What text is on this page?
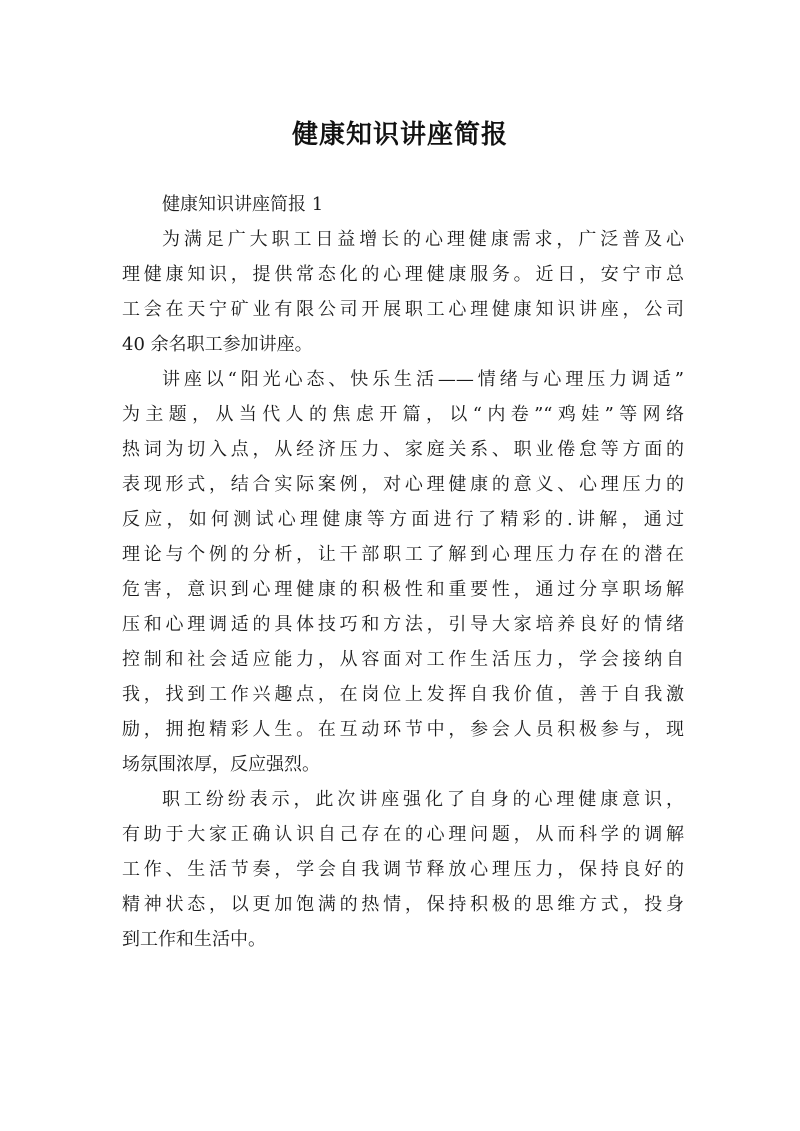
健康知识讲座简报

健康知识讲座简报 1

为满足广大职工日益增长的心理健康需求，广泛普及心
理健康知识，提供常态化的心理健康服务。近日，安宁市总
工会在天宁矿业有限公司开展职工心理健康知识讲座，公司
40 余名职工参加讲座。
讲座以“阳光心态、快乐生活——情绪与心理压力调适”
为主题，从当代人的焦虑开篇，以“内卷”“鸡娃”等网络
热词为切入点，从经济压力、家庭关系、职业倦怠等方面的
表现形式，结合实际案例，对心理健康的意义、心理压力的
反应，如何测试心理健康等方面进行了精彩的.讲解，通过
理论与个例的分析，让干部职工了解到心理压力存在的潜在
危害，意识到心理健康的积极性和重要性，通过分享职场解
压和心理调适的具体技巧和方法，引导大家培养良好的情绪
控制和社会适应能力，从容面对工作生活压力，学会接纳自
我，找到工作兴趣点，在岗位上发挥自我价值，善于自我激
励，拥抱精彩人生。在互动环节中，参会人员积极参与，现
场氛围浓厚，反应强烈。
职工纷纷表示，此次讲座强化了自身的心理健康意识，
有助于大家正确认识自己存在的心理问题，从而科学的调解
工作、生活节奏，学会自我调节释放心理压力，保持良好的
精神状态，以更加饱满的热情，保持积极的思维方式，投身
到工作和生活中。
